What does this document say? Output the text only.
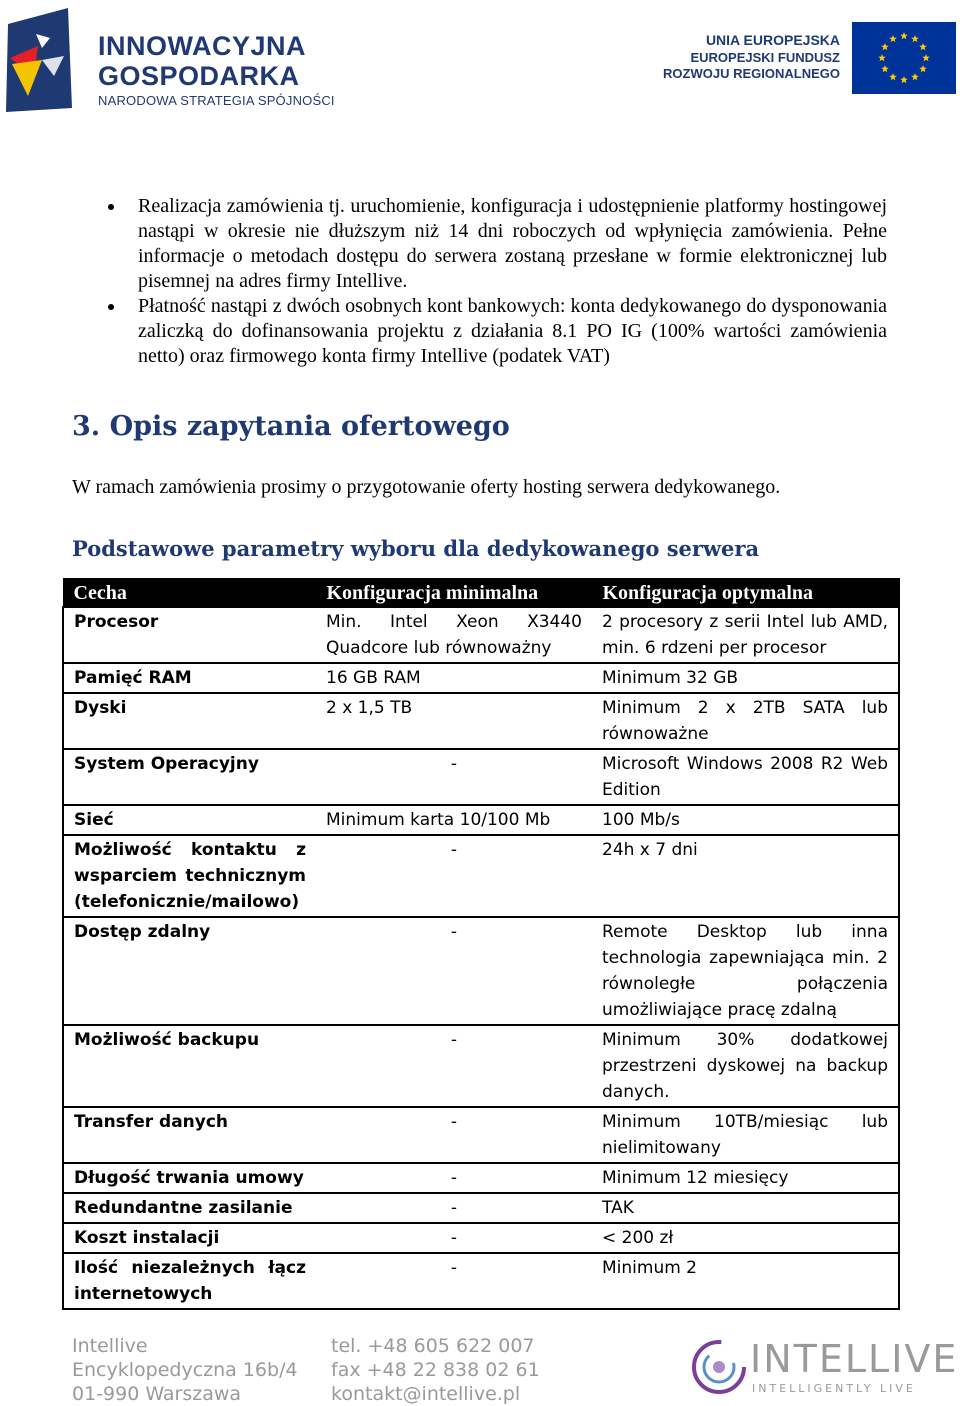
INNOWACYJNA
GOSPODARKA
NARODOWA STRATEGIA SPÓJNOŚCI
UNIA EUROPEJSKA
EUROPEJSKI FUNDUSZ
ROZWOJU REGIONALNEGO
Realizacja zamówienia tj. uruchomienie, konfiguracja i udostępnienie platformy hostingowej nastąpi w okresie nie dłuższym niż 14 dni roboczych od wpłynięcia zamówienia. Pełne informacje o metodach dostępu do serwera zostaną przesłane w formie elektronicznej lub pisemnej na adres firmy Intellive.
Płatność nastąpi z dwóch osobnych kont bankowych: konta dedykowanego do dysponowania zaliczką do dofinansowania projektu z działania 8.1 PO IG (100% wartości zamówienia netto) oraz firmowego konta firmy Intellive (podatek VAT)
3. Opis zapytania ofertowego
W ramach zamówienia prosimy o przygotowanie oferty hosting serwera dedykowanego.
Podstawowe parametry wyboru dla dedykowanego serwera
Cecha	Konfiguracja minimalna	Konfiguracja optymalna
Procesor	Min. Intel Xeon X3440 Quadcore lub równoważny	2 procesory z serii Intel lub AMD, min. 6 rdzeni per procesor
Pamięć RAM	16 GB RAM	Minimum 32 GB
Dyski	2 x 1,5 TB	Minimum 2 x 2TB SATA lub równoważne
System Operacyjny	-	Microsoft Windows 2008 R2 Web Edition
Sieć	Minimum karta 10/100 Mb	100 Mb/s
Możliwość kontaktu z wsparciem technicznym (telefonicznie/mailowo)	-	24h x 7 dni
Dostęp zdalny	-	Remote Desktop lub inna technologia zapewniająca min. 2 równoległe połączenia umożliwiające pracę zdalną
Możliwość backupu	-	Minimum 30% dodatkowej przestrzeni dyskowej na backup danych.
Transfer danych	-	Minimum 10TB/miesiąc lub nielimitowany
Długość trwania umowy	-	Minimum 12 miesięcy
Redundantne zasilanie	-	TAK
Koszt instalacji	-	< 200 zł
Ilość niezależnych łącz internetowych	-	Minimum 2
Intellive
Encyklopedyczna 16b/4
01-990 Warszawa
tel. +48 605 622 007
fax +48 22 838 02 61
kontakt@intellive.pl
INTELLIVE
INTELLIGENTLY LIVE
